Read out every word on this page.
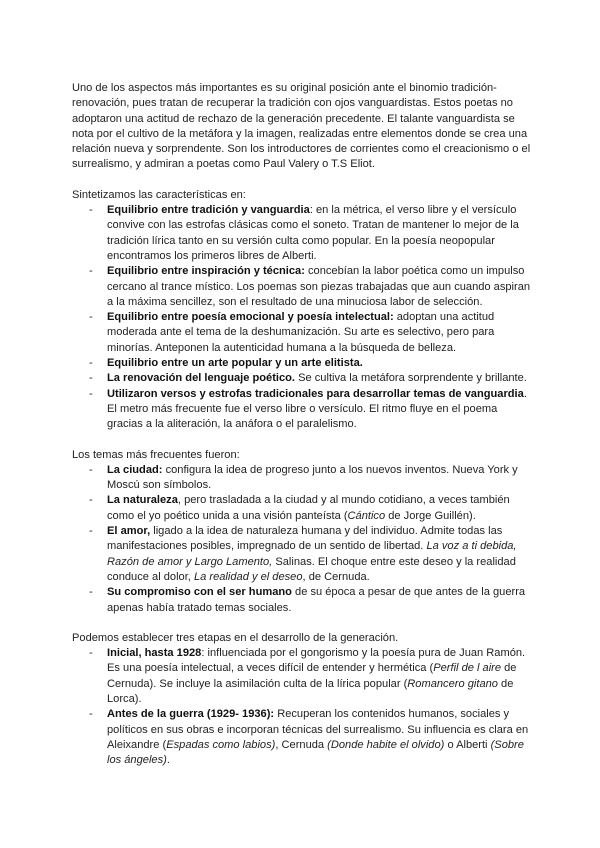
Uno de los aspectos más importantes es su original posición ante el binomio tradición-renovación, pues tratan de recuperar la tradición con ojos vanguardistas. Estos poetas no adoptaron una actitud de rechazo de la generación precedente. El talante vanguardista se nota por el cultivo de la metáfora y la imagen, realizadas entre elementos donde se crea una relación nueva y sorprendente. Son los introductores de corrientes como el creacionismo o el surrealismo, y admiran a poetas como Paul Valery o T.S Eliot.

Sintetizamos las características en:

- Equilibrio entre tradición y vanguardia: en la métrica, el verso libre y el versículo convive con las estrofas clásicas como el soneto. Tratan de mantener lo mejor de la tradición lírica tanto en su versión culta como popular. En la poesía neopopular encontramos los primeros libres de Alberti.
- Equilibrio entre inspiración y técnica: concebían la labor poética como un impulso cercano al trance místico. Los poemas son piezas trabajadas que aun cuando aspiran a la máxima sencillez, son el resultado de una minuciosa labor de selección.
- Equilibrio entre poesía emocional y poesía intelectual: adoptan una actitud moderada ante el tema de la deshumanización. Su arte es selectivo, pero para minorías. Anteponen la autenticidad humana a la búsqueda de belleza.
- Equilibrio entre un arte popular y un arte elitista.
- La renovación del lenguaje poético. Se cultiva la metáfora sorprendente y brillante.
- Utilizaron versos y estrofas tradicionales para desarrollar temas de vanguardia. El metro más frecuente fue el verso libre o versículo. El ritmo fluye en el poema gracias a la aliteración, la anáfora o el paralelismo.

Los temas más frecuentes fueron:

- La ciudad: configura la idea de progreso junto a los nuevos inventos. Nueva York y Moscú son símbolos.
- La naturaleza, pero trasladada a la ciudad y al mundo cotidiano, a veces también como el yo poético unida a una visión panteísta (Cántico de Jorge Guillén).
- El amor, ligado a la idea de naturaleza humana y del individuo. Admite todas las manifestaciones posibles, impregnado de un sentido de libertad. La voz a ti debida, Razón de amor y Largo Lamento, Salinas. El choque entre este deseo y la realidad conduce al dolor, La realidad y el deseo, de Cernuda.
- Su compromiso con el ser humano de su época a pesar de que antes de la guerra apenas había tratado temas sociales.

Podemos establecer tres etapas en el desarrollo de la generación.

- Inicial, hasta 1928: influenciada por el gongorismo y la poesía pura de Juan Ramón. Es una poesía intelectual, a veces difícil de entender y hermética (Perfil de l aire de Cernuda). Se incluye la asimilación culta de la lírica popular (Romancero gitano de Lorca).
- Antes de la guerra (1929- 1936): Recuperan los contenidos humanos, sociales y políticos en sus obras e incorporan técnicas del surrealismo. Su influencia es clara en Aleixandre (Espadas como labios), Cernuda (Donde habite el olvido) o Alberti (Sobre los ángeles).
